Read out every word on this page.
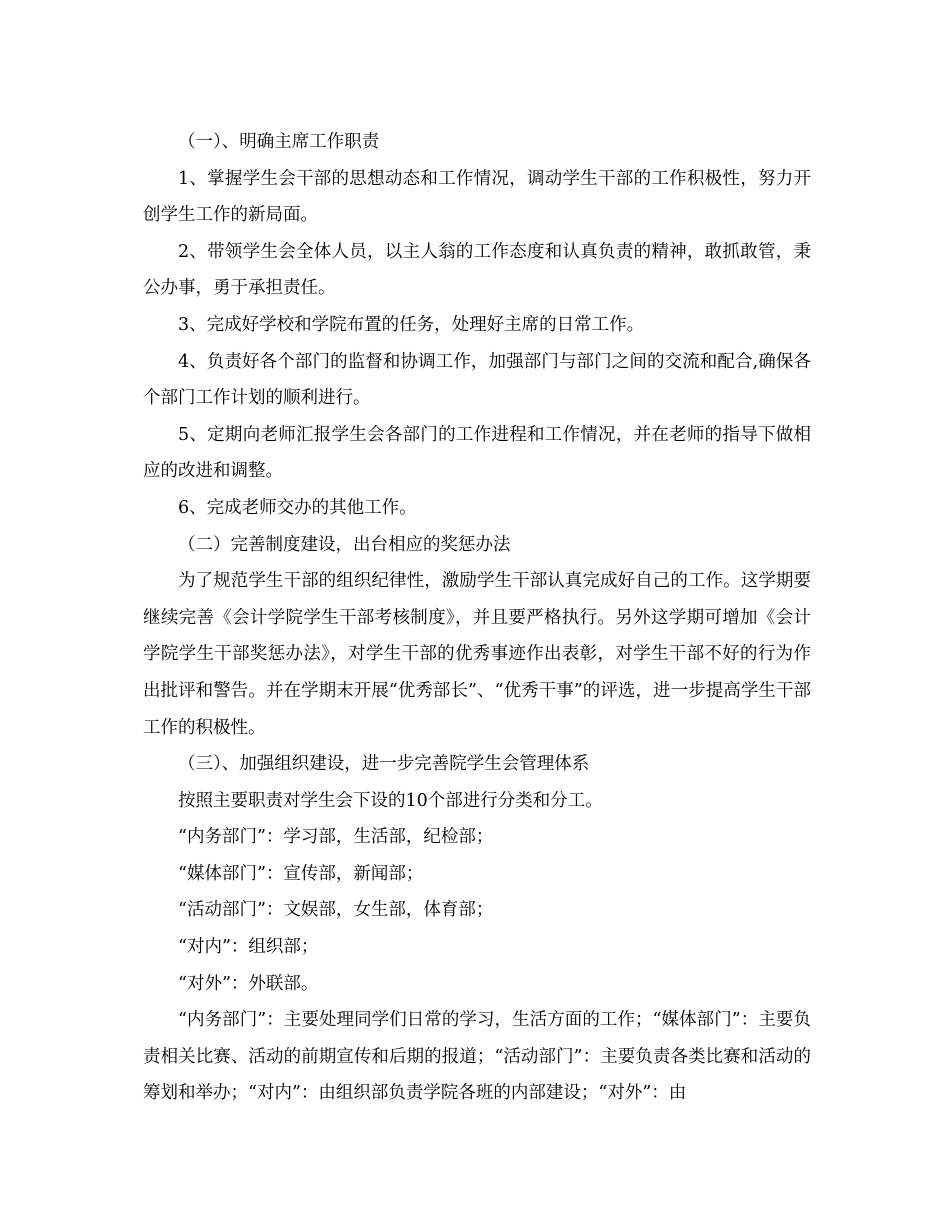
（一）、明确主席工作职责

1、掌握学生会干部的思想动态和工作情况，调动学生干部的工作积极性，努力开创学生工作的新局面。

2、带领学生会全体人员，以主人翁的工作态度和认真负责的精神，敢抓敢管，秉公办事，勇于承担责任。

3、完成好学校和学院布置的任务，处理好主席的日常工作。

4、负责好各个部门的监督和协调工作，加强部门与部门之间的交流和配合,确保各个部门工作计划的顺利进行。

5、定期向老师汇报学生会各部门的工作进程和工作情况，并在老师的指导下做相应的改进和调整。

6、完成老师交办的其他工作。

（二）完善制度建设，出台相应的奖惩办法

为了规范学生干部的组织纪律性，激励学生干部认真完成好自己的工作。这学期要继续完善《会计学院学生干部考核制度》，并且要严格执行。另外这学期可增加《会计学院学生干部奖惩办法》，对学生干部的优秀事迹作出表彰，对学生干部不好的行为作出批评和警告。并在学期末开展“优秀部长”、“优秀干事”的评选，进一步提高学生干部工作的积极性。

（三）、加强组织建设，进一步完善院学生会管理体系

按照主要职责对学生会下设的10个部进行分类和分工。

“内务部门”：学习部，生活部，纪检部；

“媒体部门”：宣传部，新闻部；

“活动部门”：文娱部，女生部，体育部；

“对内”：组织部；

“对外”：外联部。

“内务部门”：主要处理同学们日常的学习，生活方面的工作；“媒体部门”：主要负责相关比赛、活动的前期宣传和后期的报道；“活动部门”：主要负责各类比赛和活动的筹划和举办；“对内”：由组织部负责学院各班的内部建设；“对外”：由
